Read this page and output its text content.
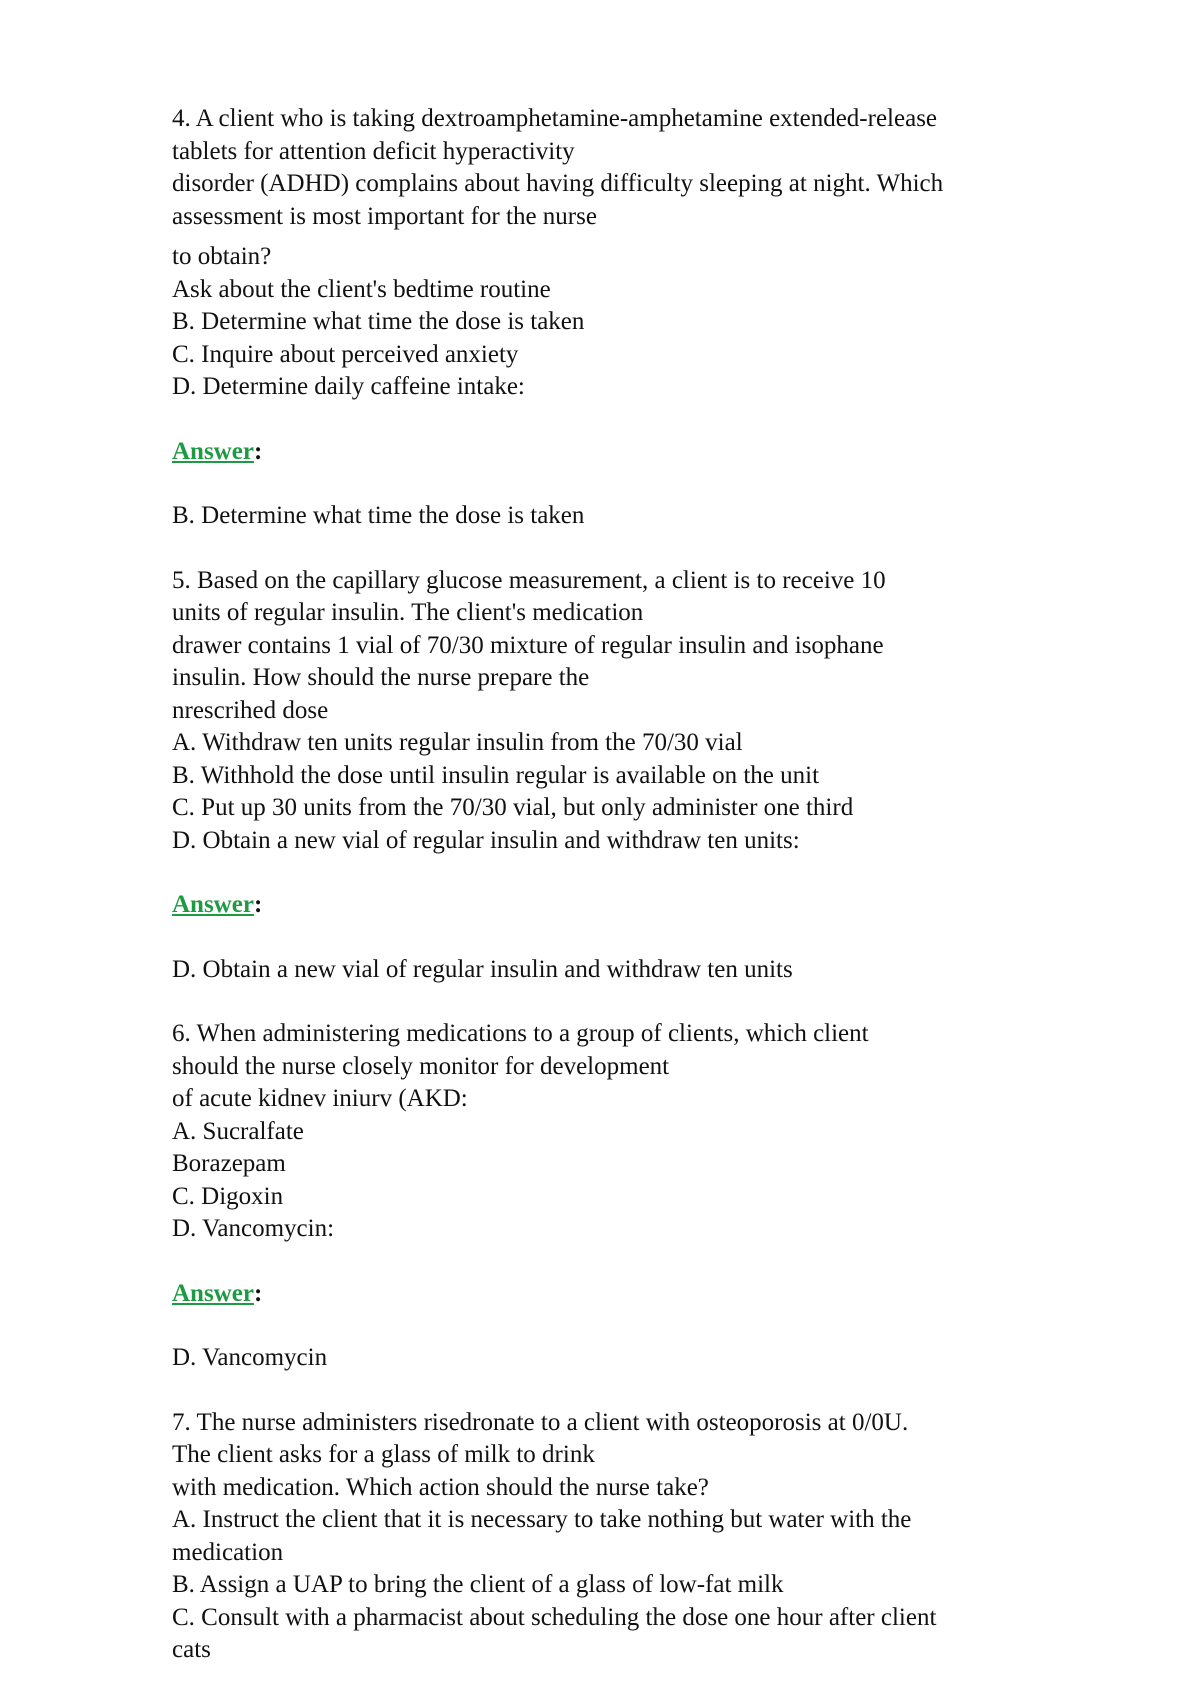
4. A client who is taking dextroamphetamine-amphetamine extended-release
tablets for attention deficit hyperactivity
disorder (ADHD) complains about having difficulty sleeping at night. Which
assessment is most important for the nurse
to obtain?
Ask about the client's bedtime routine
B. Determine what time the dose is taken
C. Inquire about perceived anxiety
D. Determine daily caffeine intake:
Answer:
B. Determine what time the dose is taken
5. Based on the capillary glucose measurement, a client is to receive 10
units of regular insulin. The client's medication
drawer contains 1 vial of 70/30 mixture of regular insulin and isophane
insulin. How should the nurse prepare the
nrescrihed dose
A. Withdraw ten units regular insulin from the 70/30 vial
B. Withhold the dose until insulin regular is available on the unit
C. Put up 30 units from the 70/30 vial, but only administer one third
D. Obtain a new vial of regular insulin and withdraw ten units:
Answer:
D. Obtain a new vial of regular insulin and withdraw ten units
6. When administering medications to a group of clients, which client
should the nurse closely monitor for development
of acute kidnev iniurv (AKD:
A. Sucralfate
Borazepam
C. Digoxin
D. Vancomycin:
Answer:
D. Vancomycin
7. The nurse administers risedronate to a client with osteoporosis at 0/0U.
The client asks for a glass of milk to drink
with medication. Which action should the nurse take?
A. Instruct the client that it is necessary to take nothing but water with the
medication
B. Assign a UAP to bring the client of a glass of low-fat milk
C. Consult with a pharmacist about scheduling the dose one hour after client
cats
